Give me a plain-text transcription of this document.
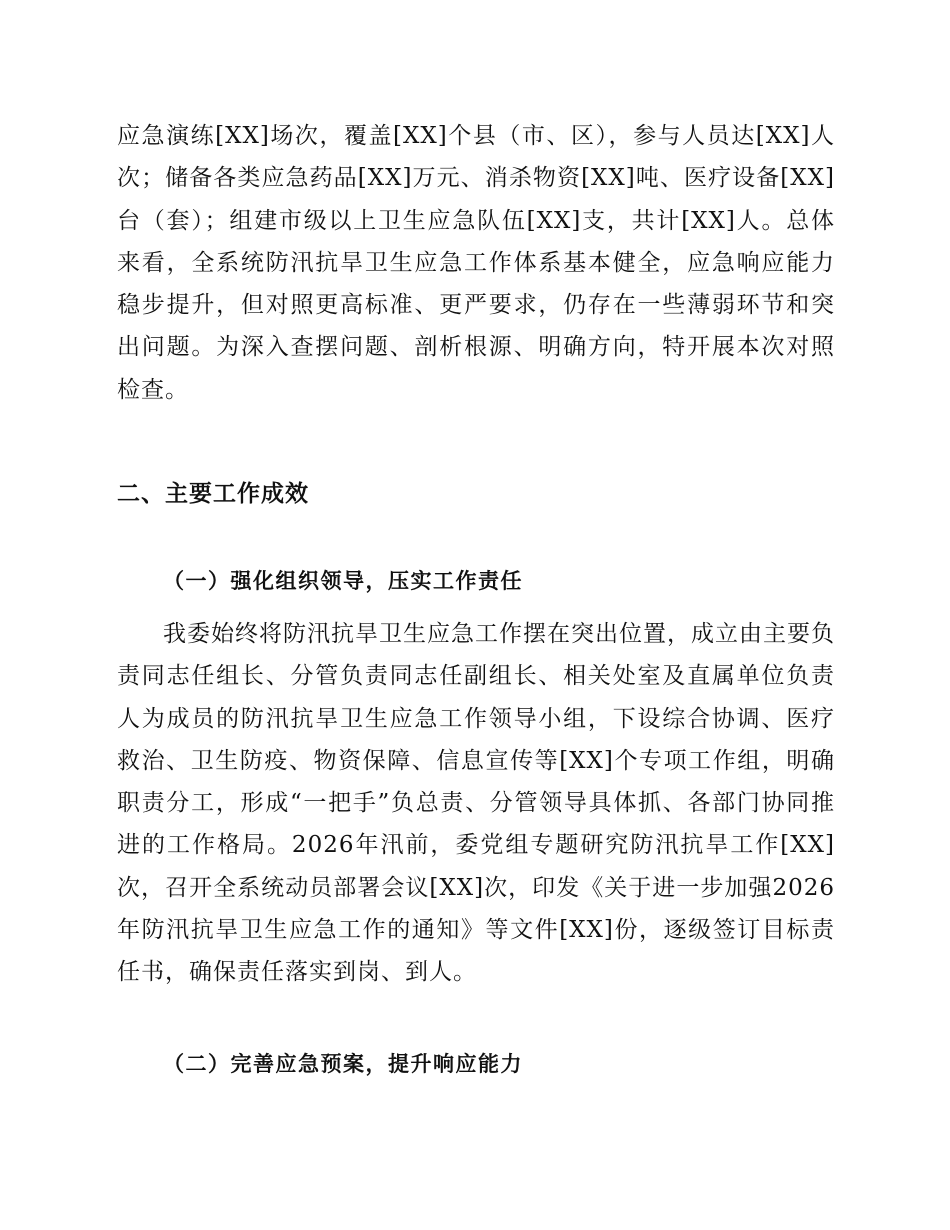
应急演练[XX]场次，覆盖[XX]个县（市、区），参与人员达[XX]人次；储备各类应急药品[XX]万元、消杀物资[XX]吨、医疗设备[XX]台（套）；组建市级以上卫生应急队伍[XX]支，共计[XX]人。总体来看，全系统防汛抗旱卫生应急工作体系基本健全，应急响应能力稳步提升，但对照更高标准、更严要求，仍存在一些薄弱环节和突出问题。为深入查摆问题、剖析根源、明确方向，特开展本次对照检查。

二、主要工作成效
（一）强化组织领导，压实工作责任

我委始终将防汛抗旱卫生应急工作摆在突出位置，成立由主要负责同志任组长、分管负责同志任副组长、相关处室及直属单位负责人为成员的防汛抗旱卫生应急工作领导小组，下设综合协调、医疗救治、卫生防疫、物资保障、信息宣传等[XX]个专项工作组，明确职责分工，形成“一把手”负总责、分管领导具体抓、各部门协同推进的工作格局。2026年汛前，委党组专题研究防汛抗旱工作[XX]次，召开全系统动员部署会议[XX]次，印发《关于进一步加强2026年防汛抗旱卫生应急工作的通知》等文件[XX]份，逐级签订目标责任书，确保责任落实到岗、到人。

（二）完善应急预案，提升响应能力
